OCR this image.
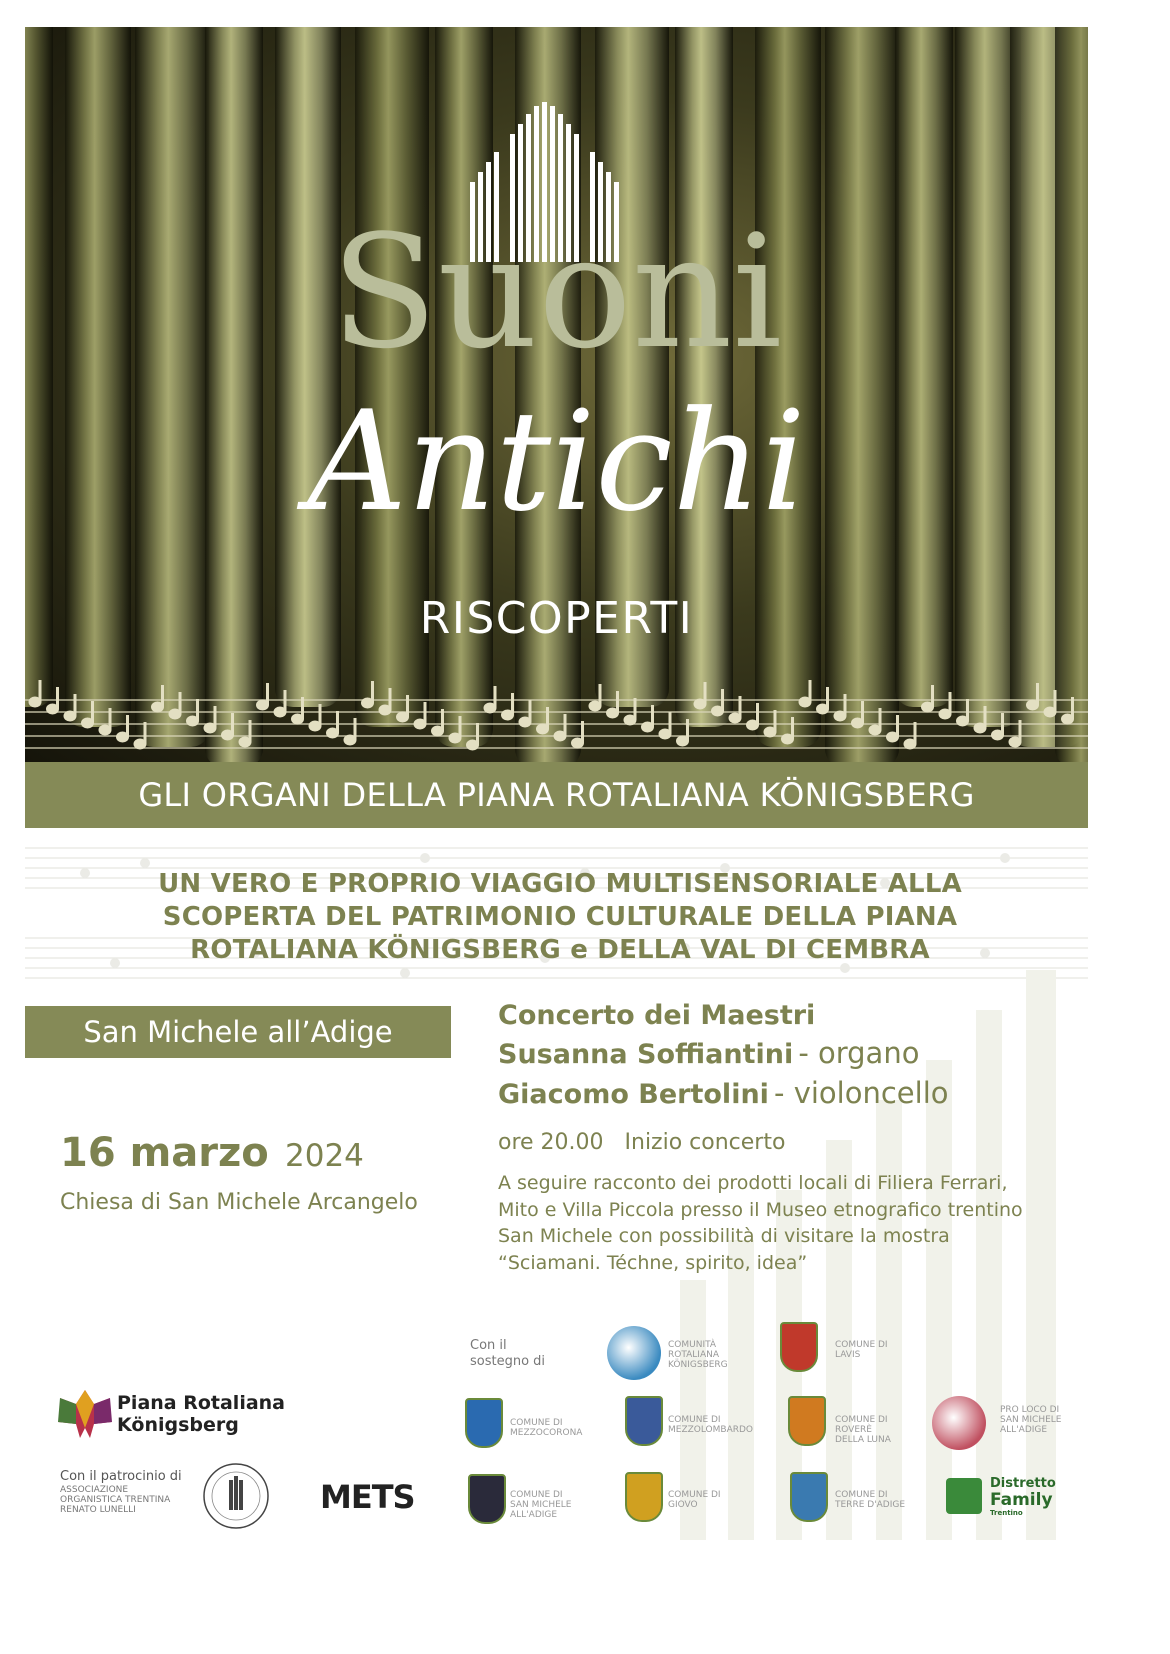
Suoni
Antichi
RISCOPERTI
GLI ORGANI DELLA PIANA ROTALIANA KÖNIGSBERG
UN VERO E PROPRIO VIAGGIO MULTISENSORIALE ALLA
SCOPERTA DEL PATRIMONIO CULTURALE DELLA PIANA
ROTALIANA KÖNIGSBERG e DELLA VAL DI CEMBRA
San Michele all’Adige
16 marzo 2024
Chiesa di San Michele Arcangelo
Concerto dei Maestri
Susanna Soffiantini - organo
Giacomo Bertolini - violoncello
ore 20.00 Inizio concerto
A seguire racconto dei prodotti locali di Filiera Ferrari, Mito e Villa Piccola presso il Museo etnografico trentino San Michele con possibilità di visitare la mostra “Sciamani. Téchne, spirito, idea”
Con il
sostegno di
Piana Rotaliana
Königsberg
Con il patrocinio di
ASSOCIAZIONE
ORGANISTICA TRENTINA
RENATO LUNELLI	METS
COMUNITÀ
ROTALIANA
KÖNIGSBERG
COMUNE DI
LAVIS
COMUNE DI
MEZZOCORONA
COMUNE DI
MEZZOLOMBARDO
COMUNE DI
ROVERÈ
DELLA LUNA
PRO LOCO DI
SAN MICHELE
ALL'ADIGE
COMUNE DI
SAN MICHELE
ALL'ADIGE
COMUNE DI
GIOVO
COMUNE DI
TERRE D'ADIGE
Distretto
Family
Trentino
